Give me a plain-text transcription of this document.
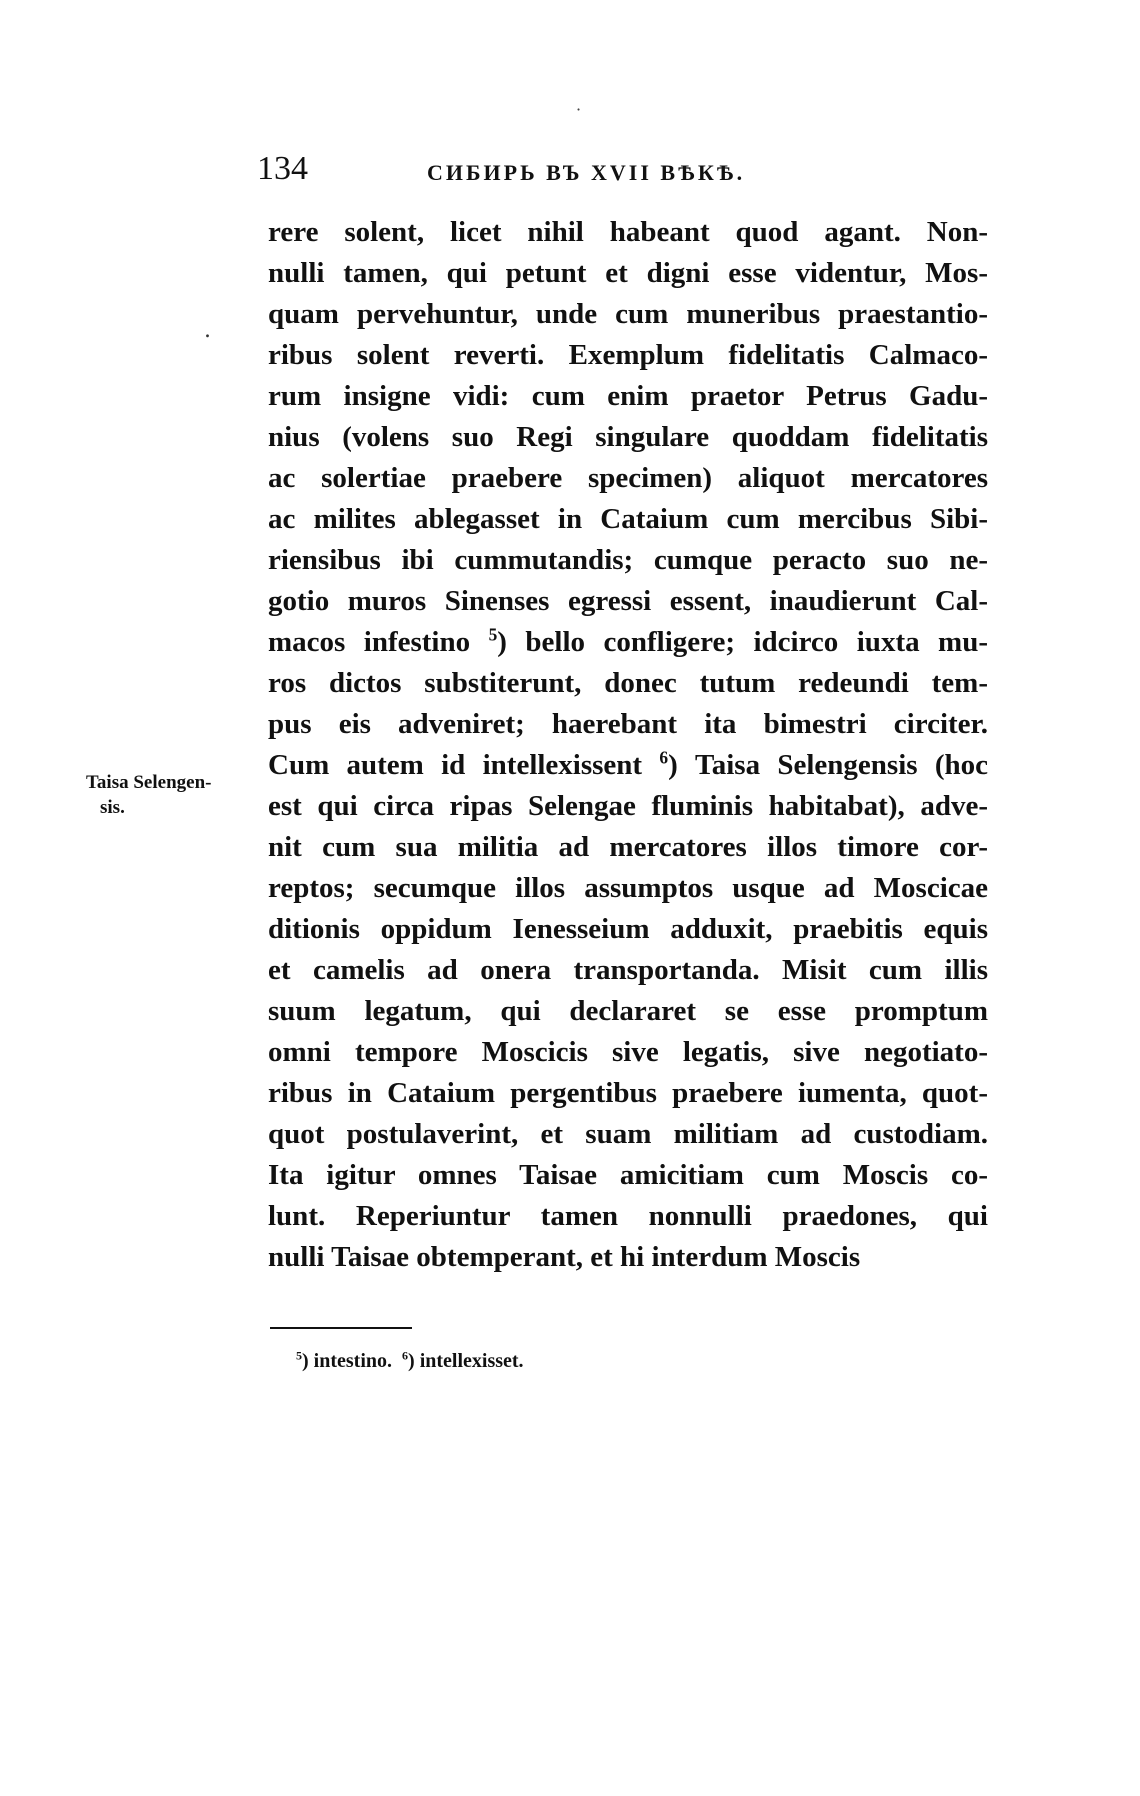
·
.
134	СИБИРЬ ВЪ XVII ВѢКѢ.
Taisa Selengen-
sis.
rere solent, licet nihil habeant quod agant. Non-
nulli tamen, qui petunt et digni esse videntur, Mos-
quam pervehuntur, unde cum muneribus praestantio-
ribus solent reverti. Exemplum fidelitatis Calmaco-
rum insigne vidi: cum enim praetor Petrus Gadu-
nius (volens suo Regi singulare quoddam fidelitatis
ac solertiae praebere specimen) aliquot mercatores
ac milites ablegasset in Cataium cum mercibus Sibi-
riensibus ibi cummutandis; cumque peracto suo ne-
gotio muros Sinenses egressi essent, inaudierunt Cal-
macos infestino $^5$) bello confligere; idcirco iuxta mu-
ros dictos substiterunt, donec tutum redeundi tem-
pus eis adveniret; haerebant ita bimestri circiter.
Cum autem id intellexissent $^6$) Taisa Selengensis (hoc
est qui circa ripas Selengae fluminis habitabat), adve-
nit cum sua militia ad mercatores illos timore cor-
reptos; secumque illos assumptos usque ad Moscicae
ditionis oppidum Ienesseium adduxit, praebitis equis
et camelis ad onera transportanda. Misit cum illis
suum legatum, qui declararet se esse promptum
omni tempore Moscicis sive legatis, sive negotiato-
ribus in Cataium pergentibus praebere iumenta, quot-
quot postulaverint, et suam militiam ad custodiam.
Ita igitur omnes Taisae amicitiam cum Moscis co-
lunt. Reperiuntur tamen nonnulli praedones, qui
nulli Taisae obtemperant, et hi interdum Moscis
$^5$) intestino. $^6$) intellexisset.
